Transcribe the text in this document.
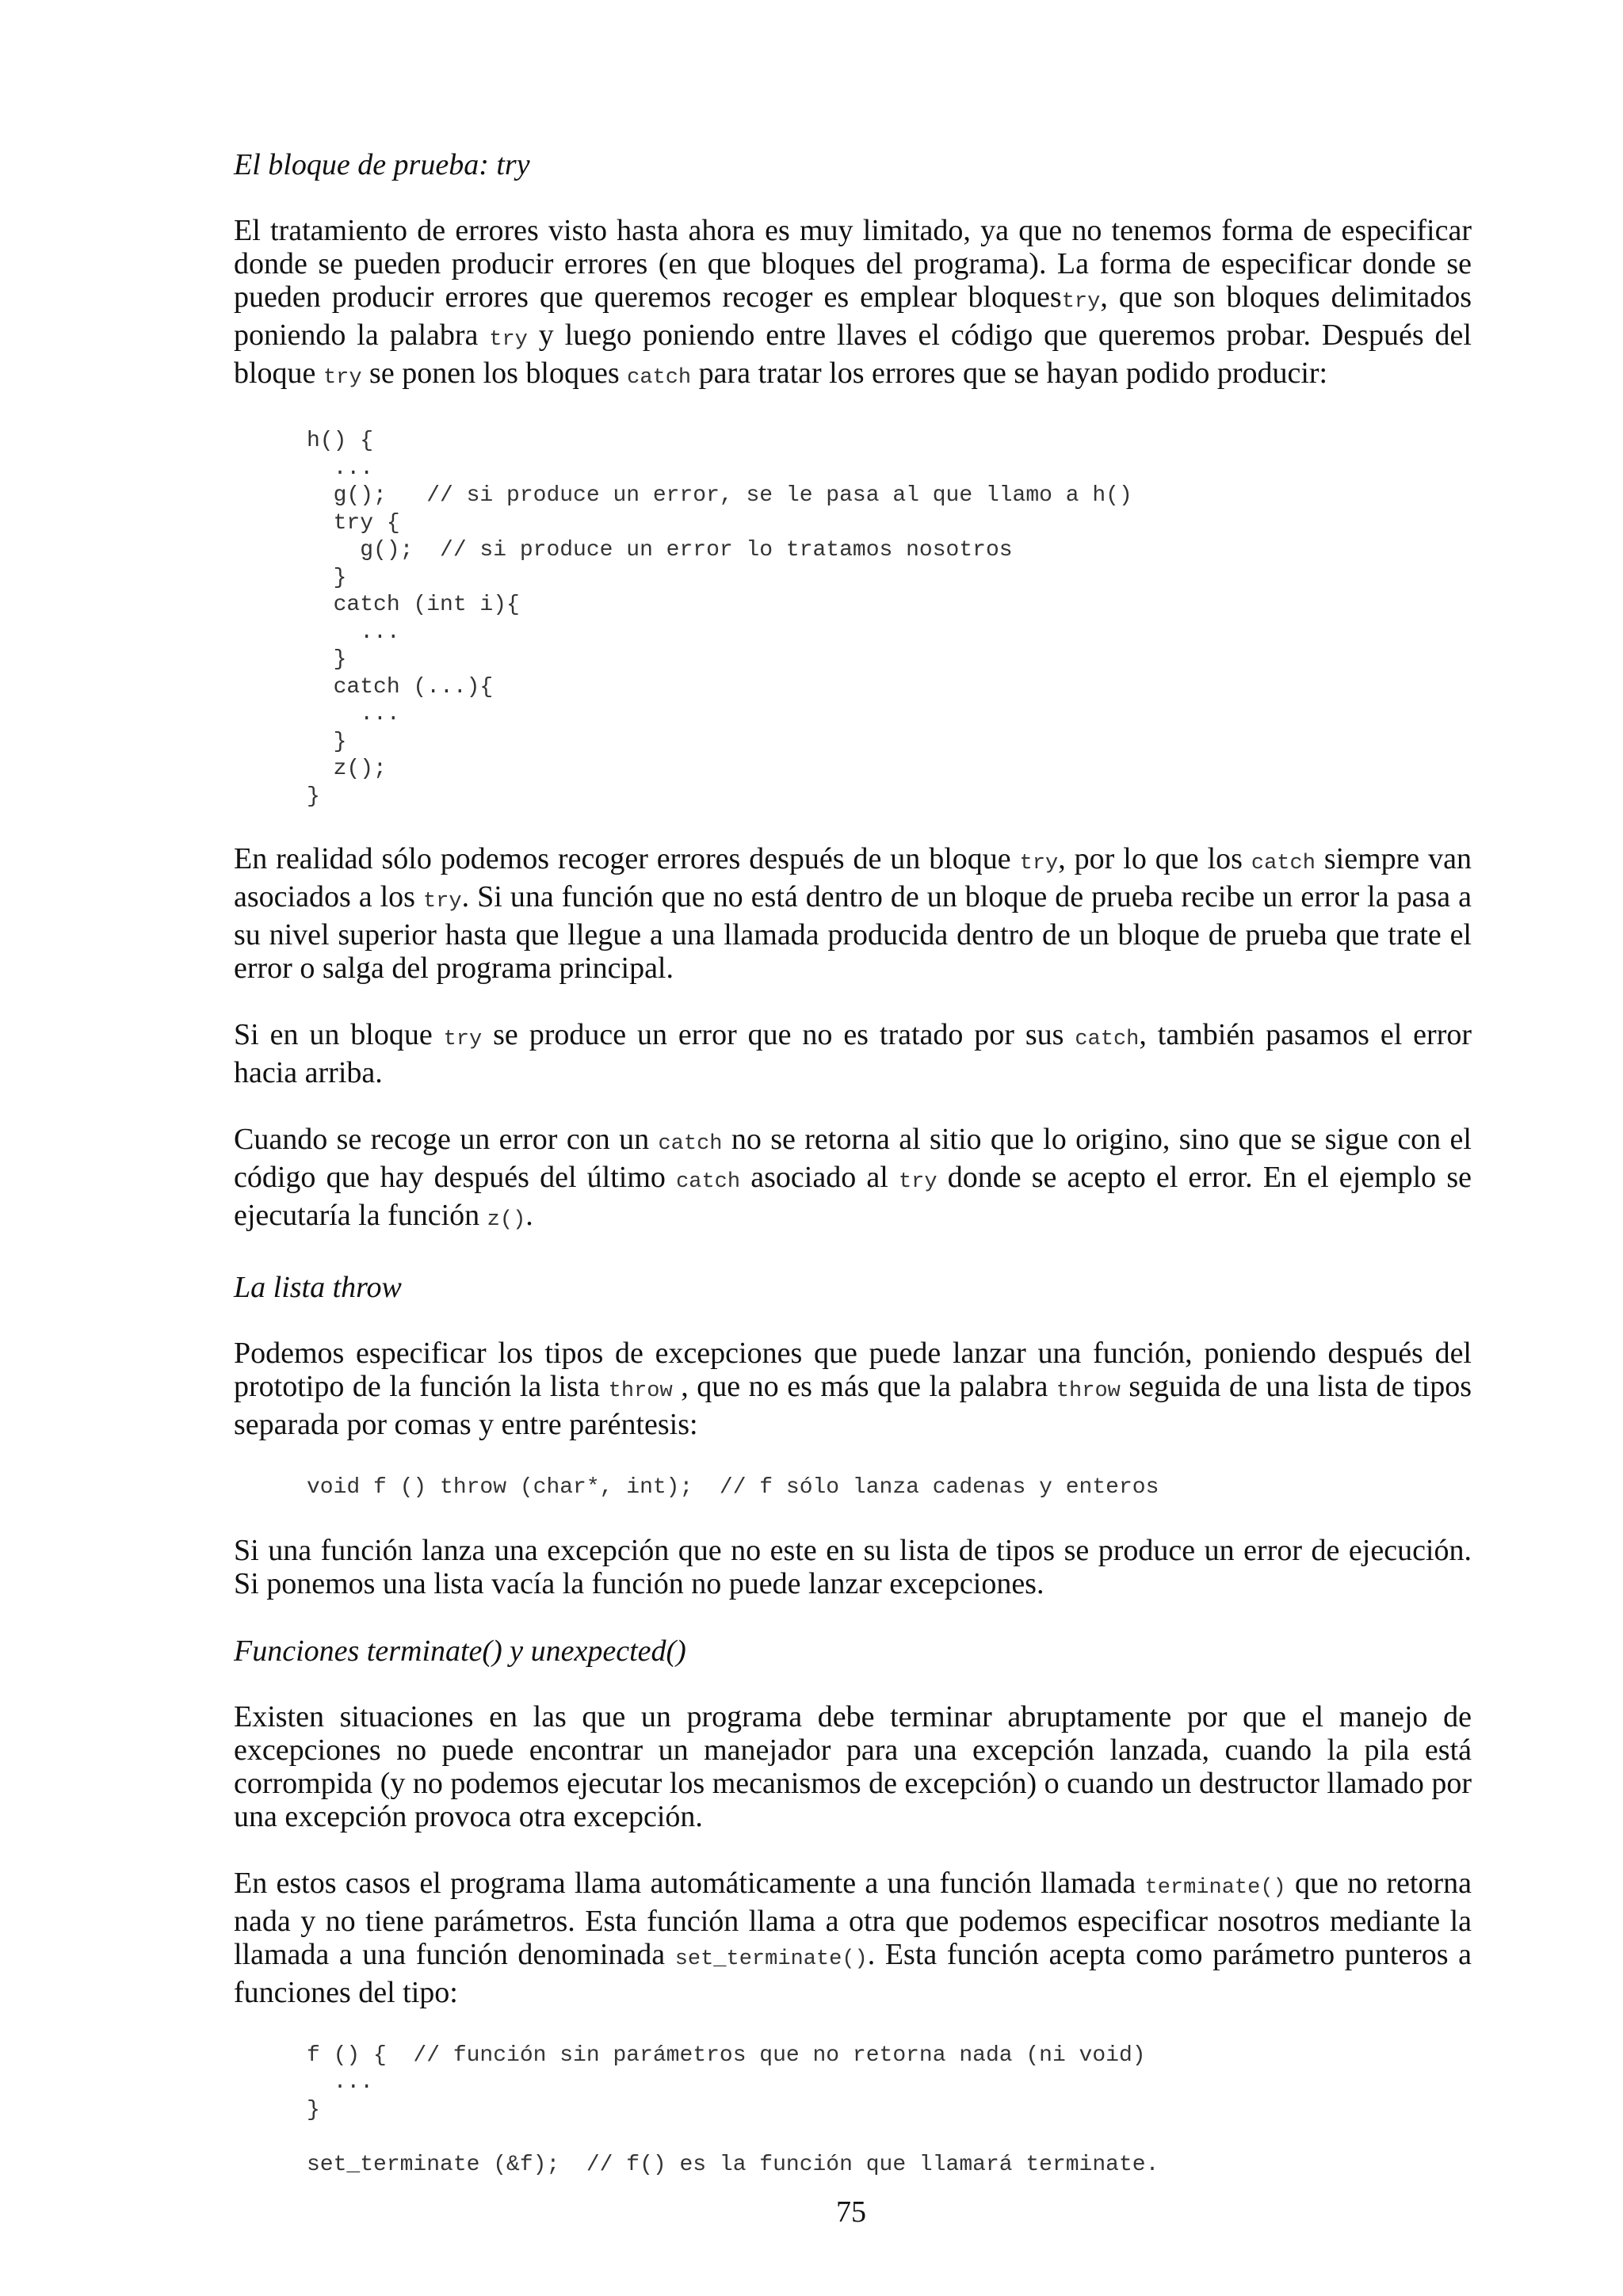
El bloque de prueba: try
El tratamiento de errores visto hasta ahora es muy limitado, ya que no tenemos forma de especificar donde se pueden producir errores (en que bloques del programa). La forma de especificar donde se pueden producir errores que queremos recoger es emplear bloquestry, que son bloques delimitados poniendo la palabra try y luego poniendo entre llaves el código que queremos probar. Después del bloque try se ponen los bloques catch para tratar los errores que se hayan podido producir:
h() {
...
g();   // si produce un error, se le pasa al que llamo a h()
try {
g();  // si produce un error lo tratamos nosotros
}
catch (int i){
...
}
catch (...){
...
}
z();
}
En realidad sólo podemos recoger errores después de un bloque try, por lo que los catch siempre van asociados a los try. Si una función que no está dentro de un bloque de prueba recibe un error la pasa a su nivel superior hasta que llegue a una llamada producida dentro de un bloque de prueba que trate el error o salga del programa principal.
Si en un bloque try se produce un error que no es tratado por sus catch, también pasamos el error hacia arriba.
Cuando se recoge un error con un catch no se retorna al sitio que lo origino, sino que se sigue con el código que hay después del último catch asociado al try donde se acepto el error. En el ejemplo se ejecutaría la función z().
La lista throw
Podemos especificar los tipos de excepciones que puede lanzar una función, poniendo después del prototipo de la función la lista throw , que no es más que la palabra throw seguida de una lista de tipos separada por comas y entre paréntesis:
void f () throw (char*, int);  // f sólo lanza cadenas y enteros
Si una función lanza una excepción que no este en su lista de tipos se produce un error de ejecución. Si ponemos una lista vacía la función no puede lanzar excepciones.
Funciones terminate() y unexpected()
Existen situaciones en las que un programa debe terminar abruptamente por que el manejo de excepciones no puede encontrar un manejador para una excepción lanzada, cuando la pila está corrompida (y no podemos ejecutar los mecanismos de excepción) o cuando un destructor llamado por una excepción provoca otra excepción.
En estos casos el programa llama automáticamente a una función llamada terminate() que no retorna nada y no tiene parámetros. Esta función llama a otra que podemos especificar nosotros mediante la llamada a una función denominada set_terminate(). Esta función acepta como parámetro punteros a funciones del tipo:
f () {  // función sin parámetros que no retorna nada (ni void)
...
}
set_terminate (&f);  // f() es la función que llamará terminate.
75
